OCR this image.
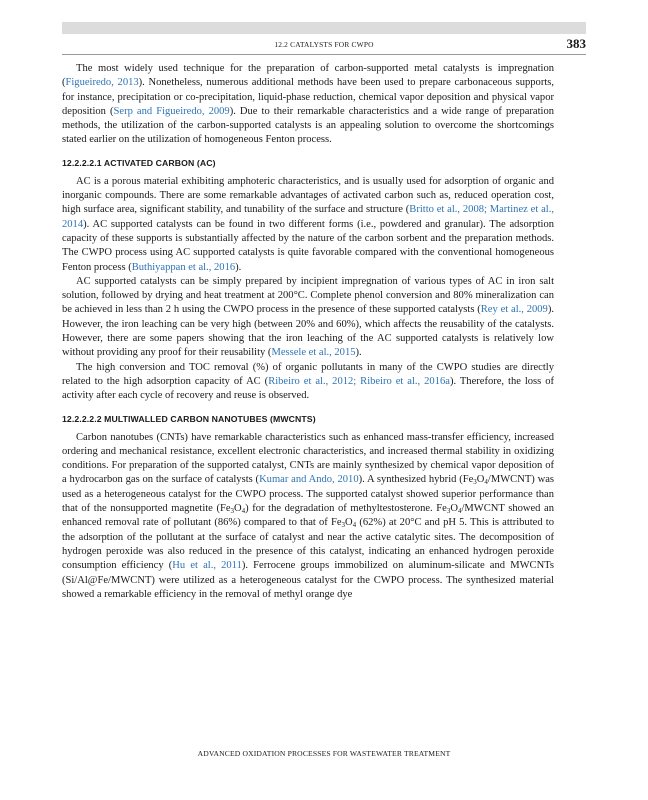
12.2 CATALYSTS FOR CWPO	383

The most widely used technique for the preparation of carbon-supported metal catalysts is impregnation (Figueiredo, 2013). Nonetheless, numerous additional methods have been used to prepare carbonaceous supports, for instance, precipitation or co-precipitation, liquid-phase reduction, chemical vapor deposition and physical vapor deposition (Serp and Figueiredo, 2009). Due to their remarkable characteristics and a wide range of preparation methods, the utilization of the carbon-supported catalysts is an appealing solution to overcome the shortcomings stated earlier on the utilization of homogeneous Fenton process.

12.2.2.2.1 ACTIVATED CARBON (AC)

AC is a porous material exhibiting amphoteric characteristics, and is usually used for adsorption of organic and inorganic compounds. There are some remarkable advantages of activated carbon such as, reduced operation cost, high surface area, significant stability, and tunability of the surface and structure (Britto et al., 2008; Martinez et al., 2014). AC supported catalysts can be found in two different forms (i.e., powdered and granular). The adsorption capacity of these supports is substantially affected by the nature of the carbon sorbent and the preparation methods. The CWPO process using AC supported catalysts is quite favorable compared with the conventional homogeneous Fenton process (Buthiyappan et al., 2016).

AC supported catalysts can be simply prepared by incipient impregnation of various types of AC in iron salt solution, followed by drying and heat treatment at 200°C. Complete phenol conversion and 80% mineralization can be achieved in less than 2 h using the CWPO process in the presence of these supported catalysts (Rey et al., 2009). However, the iron leaching can be very high (between 20% and 60%), which affects the reusability of the catalysts. However, there are some papers showing that the iron leaching of the AC supported catalysts is relatively low without providing any proof for their reusability (Messele et al., 2015).

The high conversion and TOC removal (%) of organic pollutants in many of the CWPO studies are directly related to the high adsorption capacity of AC (Ribeiro et al., 2012; Ribeiro et al., 2016a). Therefore, the loss of activity after each cycle of recovery and reuse is observed.

12.2.2.2.2 MULTIWALLED CARBON NANOTUBES (MWCNTS)

Carbon nanotubes (CNTs) have remarkable characteristics such as enhanced mass-transfer efficiency, increased ordering and mechanical resistance, excellent electronic characteristics, and increased thermal stability in oxidizing conditions. For preparation of the supported catalyst, CNTs are mainly synthesized by chemical vapor deposition of a hydrocarbon gas on the surface of catalysts (Kumar and Ando, 2010). A synthesized hybrid $(Fe_3O_4/MWCNT)$ was used as a heterogeneous catalyst for the CWPO process. The supported catalyst showed superior performance than that of the nonsupported magnetite $(Fe_3O_4)$ for the degradation of methyltestosterone. $Fe_3O_4$/MWCNT showed an enhanced removal rate of pollutant (86%) compared to that of $Fe_3O_4$ (62%) at 20°C and pH 5. This is attributed to the adsorption of the pollutant at the surface of catalyst and near the active catalytic sites. The decomposition of hydrogen peroxide was also reduced in the presence of this catalyst, indicating an enhanced hydrogen peroxide consumption efficiency (Hu et al., 2011). Ferrocene groups immobilized on aluminum-silicate and MWCNTs (Si/Al@Fe/MWCNT) were utilized as a heterogeneous catalyst for the CWPO process. The synthesized material showed a remarkable efficiency in the removal of methyl orange dye

ADVANCED OXIDATION PROCESSES FOR WASTEWATER TREATMENT
